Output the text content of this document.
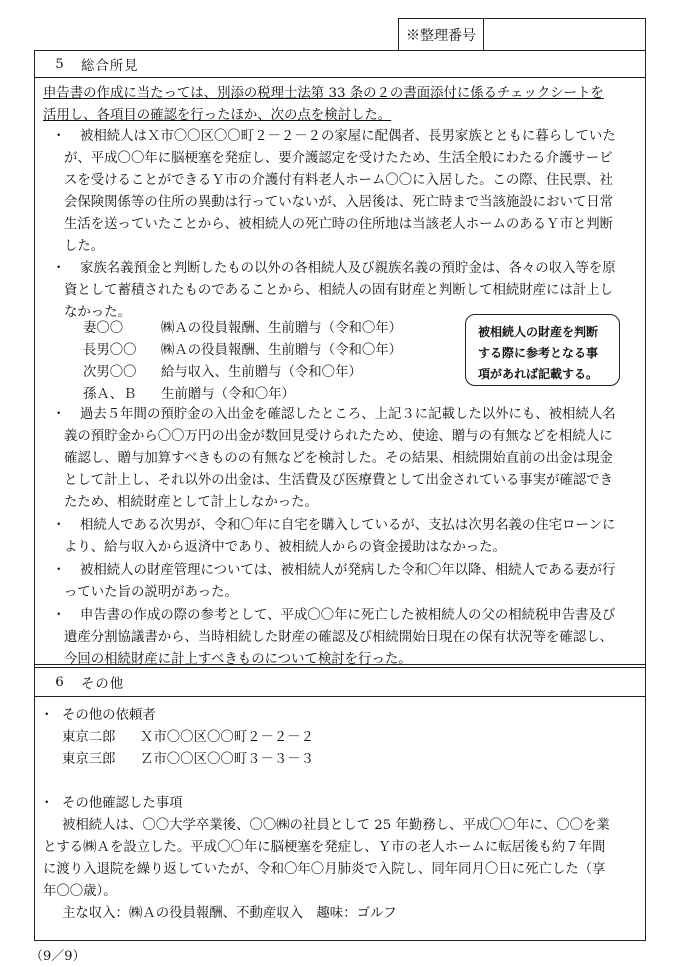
※整理番号
5	総合所見
申告書の作成に当たっては、別添の税理士法第 33 条の２の書面添付に係るチェックシートを
活用し、各項目の確認を行ったほか、次の点を検討した。
・ 被相続人はＸ市〇〇区〇〇町２－２－２の家屋に配偶者、長男家族とともに暮らしていた
が、平成〇〇年に脳梗塞を発症し、要介護認定を受けたため、生活全般にわたる介護サービ
スを受けることができるＹ市の介護付有料老人ホーム〇〇に入居した。この際、住民票、社
会保険関係等の住所の異動は行っていないが、入居後は、死亡時まで当該施設において日常
生活を送っていたことから、被相続人の死亡時の住所地は当該老人ホームのあるＹ市と判断
した。
・ 家族名義預金と判断したもの以外の各相続人及び親族名義の預貯金は、各々の収入等を原
資として蓄積されたものであることから、相続人の固有財産と判断して相続財産には計上し
なかった。
妻〇〇	㈱Ａの役員報酬、生前贈与（令和〇年）
長男〇〇 ㈱Ａの役員報酬、生前贈与（令和〇年）
次男〇〇 給与収入、生前贈与（令和〇年）
孫Ａ、Ｂ 生前贈与（令和〇年）
被相続人の財産を判断
する際に参考となる事
項があれば記載する。
・ 過去５年間の預貯金の入出金を確認したところ、上記３に記載した以外にも、被相続人名
義の預貯金から〇〇万円の出金が数回見受けられたため、使途、贈与の有無などを相続人に
確認し、贈与加算すべきものの有無などを検討した。その結果、相続開始直前の出金は現金
として計上し、それ以外の出金は、生活費及び医療費として出金されている事実が確認でき
たため、相続財産として計上しなかった。
・ 相続人である次男が、令和〇年に自宅を購入しているが、支払は次男名義の住宅ローンに
より、給与収入から返済中であり、被相続人からの資金援助はなかった。
・ 被相続人の財産管理については、被相続人が発病した令和〇年以降、相続人である妻が行
っていた旨の説明があった。
・ 申告書の作成の際の参考として、平成〇〇年に死亡した被相続人の父の相続税申告書及び
遺産分割協議書から、当時相続した財産の確認及び相続開始日現在の保有状況等を確認し、
今回の相続財産に計上すべきものについて検討を行った。
6	その他
・ その他の依頼者
東京二郎 Ｘ市〇〇区〇〇町２－２－２
東京三郎 Ｚ市〇〇区〇〇町３－３－３
・ その他確認した事項
被相続人は、〇〇大学卒業後、〇〇㈱の社員として 25 年勤務し、平成〇〇年に、〇〇を業
とする㈱Ａを設立した。平成〇〇年に脳梗塞を発症し、Ｙ市の老人ホームに転居後も約７年間
に渡り入退院を繰り返していたが、令和〇年〇月肺炎で入院し、同年同月〇日に死亡した（享
年〇〇歳）。
主な収入：㈱Ａの役員報酬、不動産収入　趣味：ゴルフ
（9／9）
